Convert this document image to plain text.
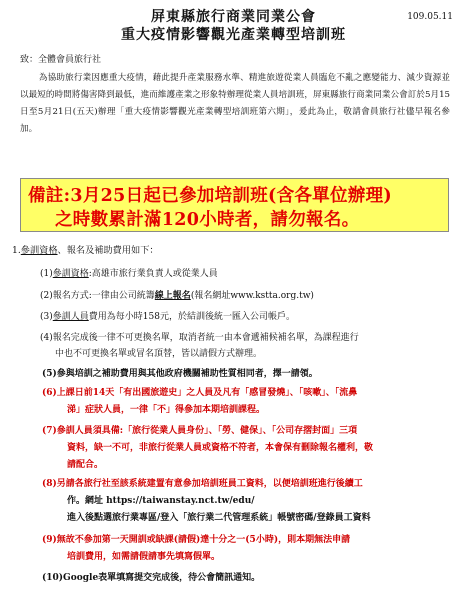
屏東縣旅行商業同業公會
重大疫情影響觀光產業轉型培訓班
109.05.11
致：全體會員旅行社
為協助旅行業因應重大疫情，藉此提升產業服務水準、精進旅遊從業人員臨危不亂之應變能力、減少資源並以最短的時間將傷害降到最低，進而維護產業之形象特辦理從業人員培訓班，屏東縣旅行商業同業公會訂於5月15日至5月21日(五天)辦理「重大疫情影響觀光產業轉型培訓班第六期」，爰此為止，敬請會員旅行社儘早報名參加。
備註:3月25日起已參加培訓班(含各單位辦理)
之時數累計滿120小時者，請勿報名。
1.參訓資格、報名及補助費用如下：
(1)參訓資格:高雄市旅行業負責人或從業人員
(2)報名方式:一律由公司統籌線上報名(報名網址www.kstta.org.tw)
(3)參訓人員費用為每小時158元，於結訓後統一匯入公司帳戶。
(4)報名完成後一律不可更換名單，取消者統一由本會遞補候補名單，為課程進行
中也不可更換名單或冒名頂替，皆以請假方式辦理。
(5)參與培訓之補助費用與其他政府機關補助性質相同者，擇一請領。
(6)上課日前14天「有出國旅遊史」之人員及凡有「感冒發燒」、「咳嗽」、「流鼻
涕」症狀人員，一律「不」得參加本期培訓課程。
(7)參訓人員須具備:「旅行從業人員身份」、「勞、健保」、「公司存摺封面」三項
資料，缺一不可，非旅行從業人員或資格不符者，本會保有刪除報名權利，敬
請配合。
(8)另請各旅行社至該系統建置有意參加培訓班員工資料，以便培訓班進行後續工
作。網址 https://taiwanstay.nct.tw/edu/
進入後點選旅行業專區/登入「旅行業二代管理系統」帳號密碼/登錄員工資料
(9)無故不參加第一天開訓或缺課(請假)達十分之一(5小時)，則本期無法申請
培訓費用，如需請假請事先填寫假單。
(10)Google表單填寫提交完成後，待公會簡訊通知。
